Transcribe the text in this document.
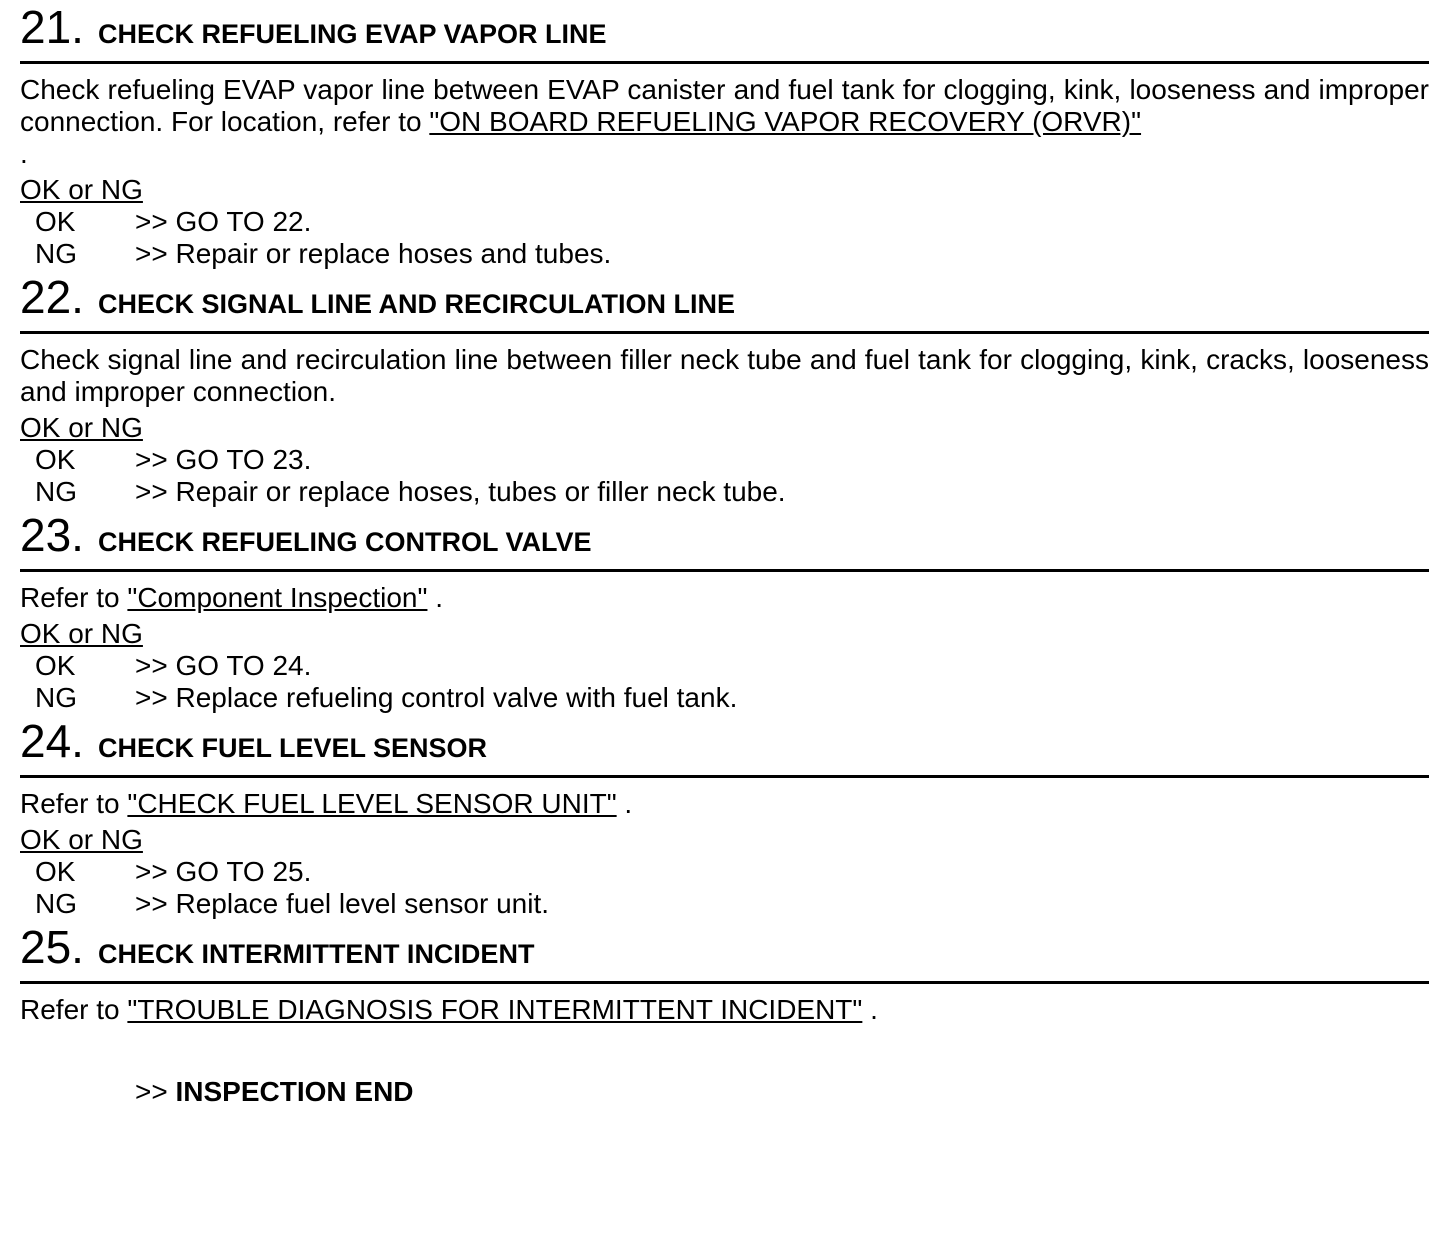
21 . CHECK REFUELING EVAP VAPOR LINE
Check refueling EVAP vapor line between EVAP canister and fuel tank for clogging, kink, looseness and improper connection. For location, refer to "ON BOARD REFUELING VAPOR RECOVERY (ORVR)"
.
OK or NG
OK	>> GO TO 22.
NG	>> Repair or replace hoses and tubes.
22 . CHECK SIGNAL LINE AND RECIRCULATION LINE
Check signal line and recirculation line between filler neck tube and fuel tank for clogging, kink, cracks, looseness and improper connection.
OK or NG
OK	>> GO TO 23.
NG	>> Repair or replace hoses, tubes or filler neck tube.
23 . CHECK REFUELING CONTROL VALVE
Refer to "Component Inspection" .
OK or NG
OK	>> GO TO 24.
NG	>> Replace refueling control valve with fuel tank.
24 . CHECK FUEL LEVEL SENSOR
Refer to "CHECK FUEL LEVEL SENSOR UNIT" .
OK or NG
OK	>> GO TO 25.
NG	>> Replace fuel level sensor unit.
25 . CHECK INTERMITTENT INCIDENT
Refer to "TROUBLE DIAGNOSIS FOR INTERMITTENT INCIDENT" .
>> INSPECTION END
